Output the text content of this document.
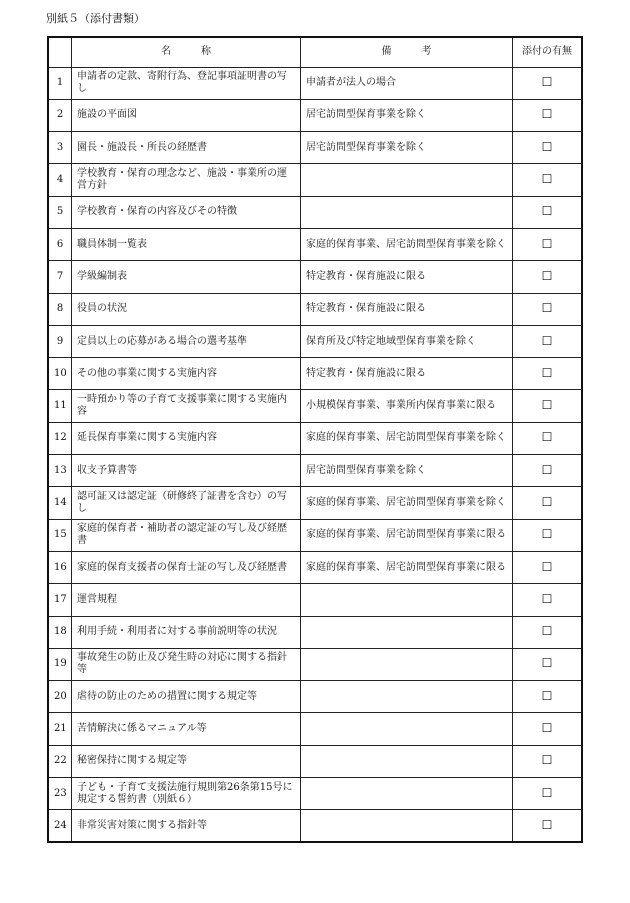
別紙５（添付書類）
	名　　　称	備　　　考	添付の有無
1	申請者の定款、寄附行為、登記事項証明書の写し	申請者が法人の場合	☐
2	施設の平面図	居宅訪問型保育事業を除く	☐
3	園長・施設長・所長の経歴書	居宅訪問型保育事業を除く	☐
4	学校教育・保育の理念など、施設・事業所の運営方針		☐
5	学校教育・保育の内容及びその特徴		☐
6	職員体制一覧表	家庭的保育事業、居宅訪問型保育事業を除く	☐
7	学級編制表	特定教育・保育施設に限る	☐
8	役員の状況	特定教育・保育施設に限る	☐
9	定員以上の応募がある場合の選考基準	保育所及び特定地域型保育事業を除く	☐
10	その他の事業に関する実施内容	特定教育・保育施設に限る	☐
11	一時預かり等の子育て支援事業に関する実施内容	小規模保育事業、事業所内保育事業に限る	☐
12	延長保育事業に関する実施内容	家庭的保育事業、居宅訪問型保育事業を除く	☐
13	収支予算書等	居宅訪問型保育事業を除く	☐
14	認可証又は認定証（研修終了証書を含む）の写し	家庭的保育事業、居宅訪問型保育事業を除く	☐
15	家庭的保育者・補助者の認定証の写し及び経歴書	家庭的保育事業、居宅訪問型保育事業に限る	☐
16	家庭的保育支援者の保育士証の写し及び経歴書	家庭的保育事業、居宅訪問型保育事業に限る	☐
17	運営規程		☐
18	利用手続・利用者に対する事前説明等の状況		☐
19	事故発生の防止及び発生時の対応に関する指針等		☐
20	虐待の防止のための措置に関する規定等		☐
21	苦情解決に係るマニュアル等		☐
22	秘密保持に関する規定等		☐
23	子ども・子育て支援法施行規則第26条第15号に規定する誓約書（別紙６）		☐
24	非常災害対策に関する指針等		☐
